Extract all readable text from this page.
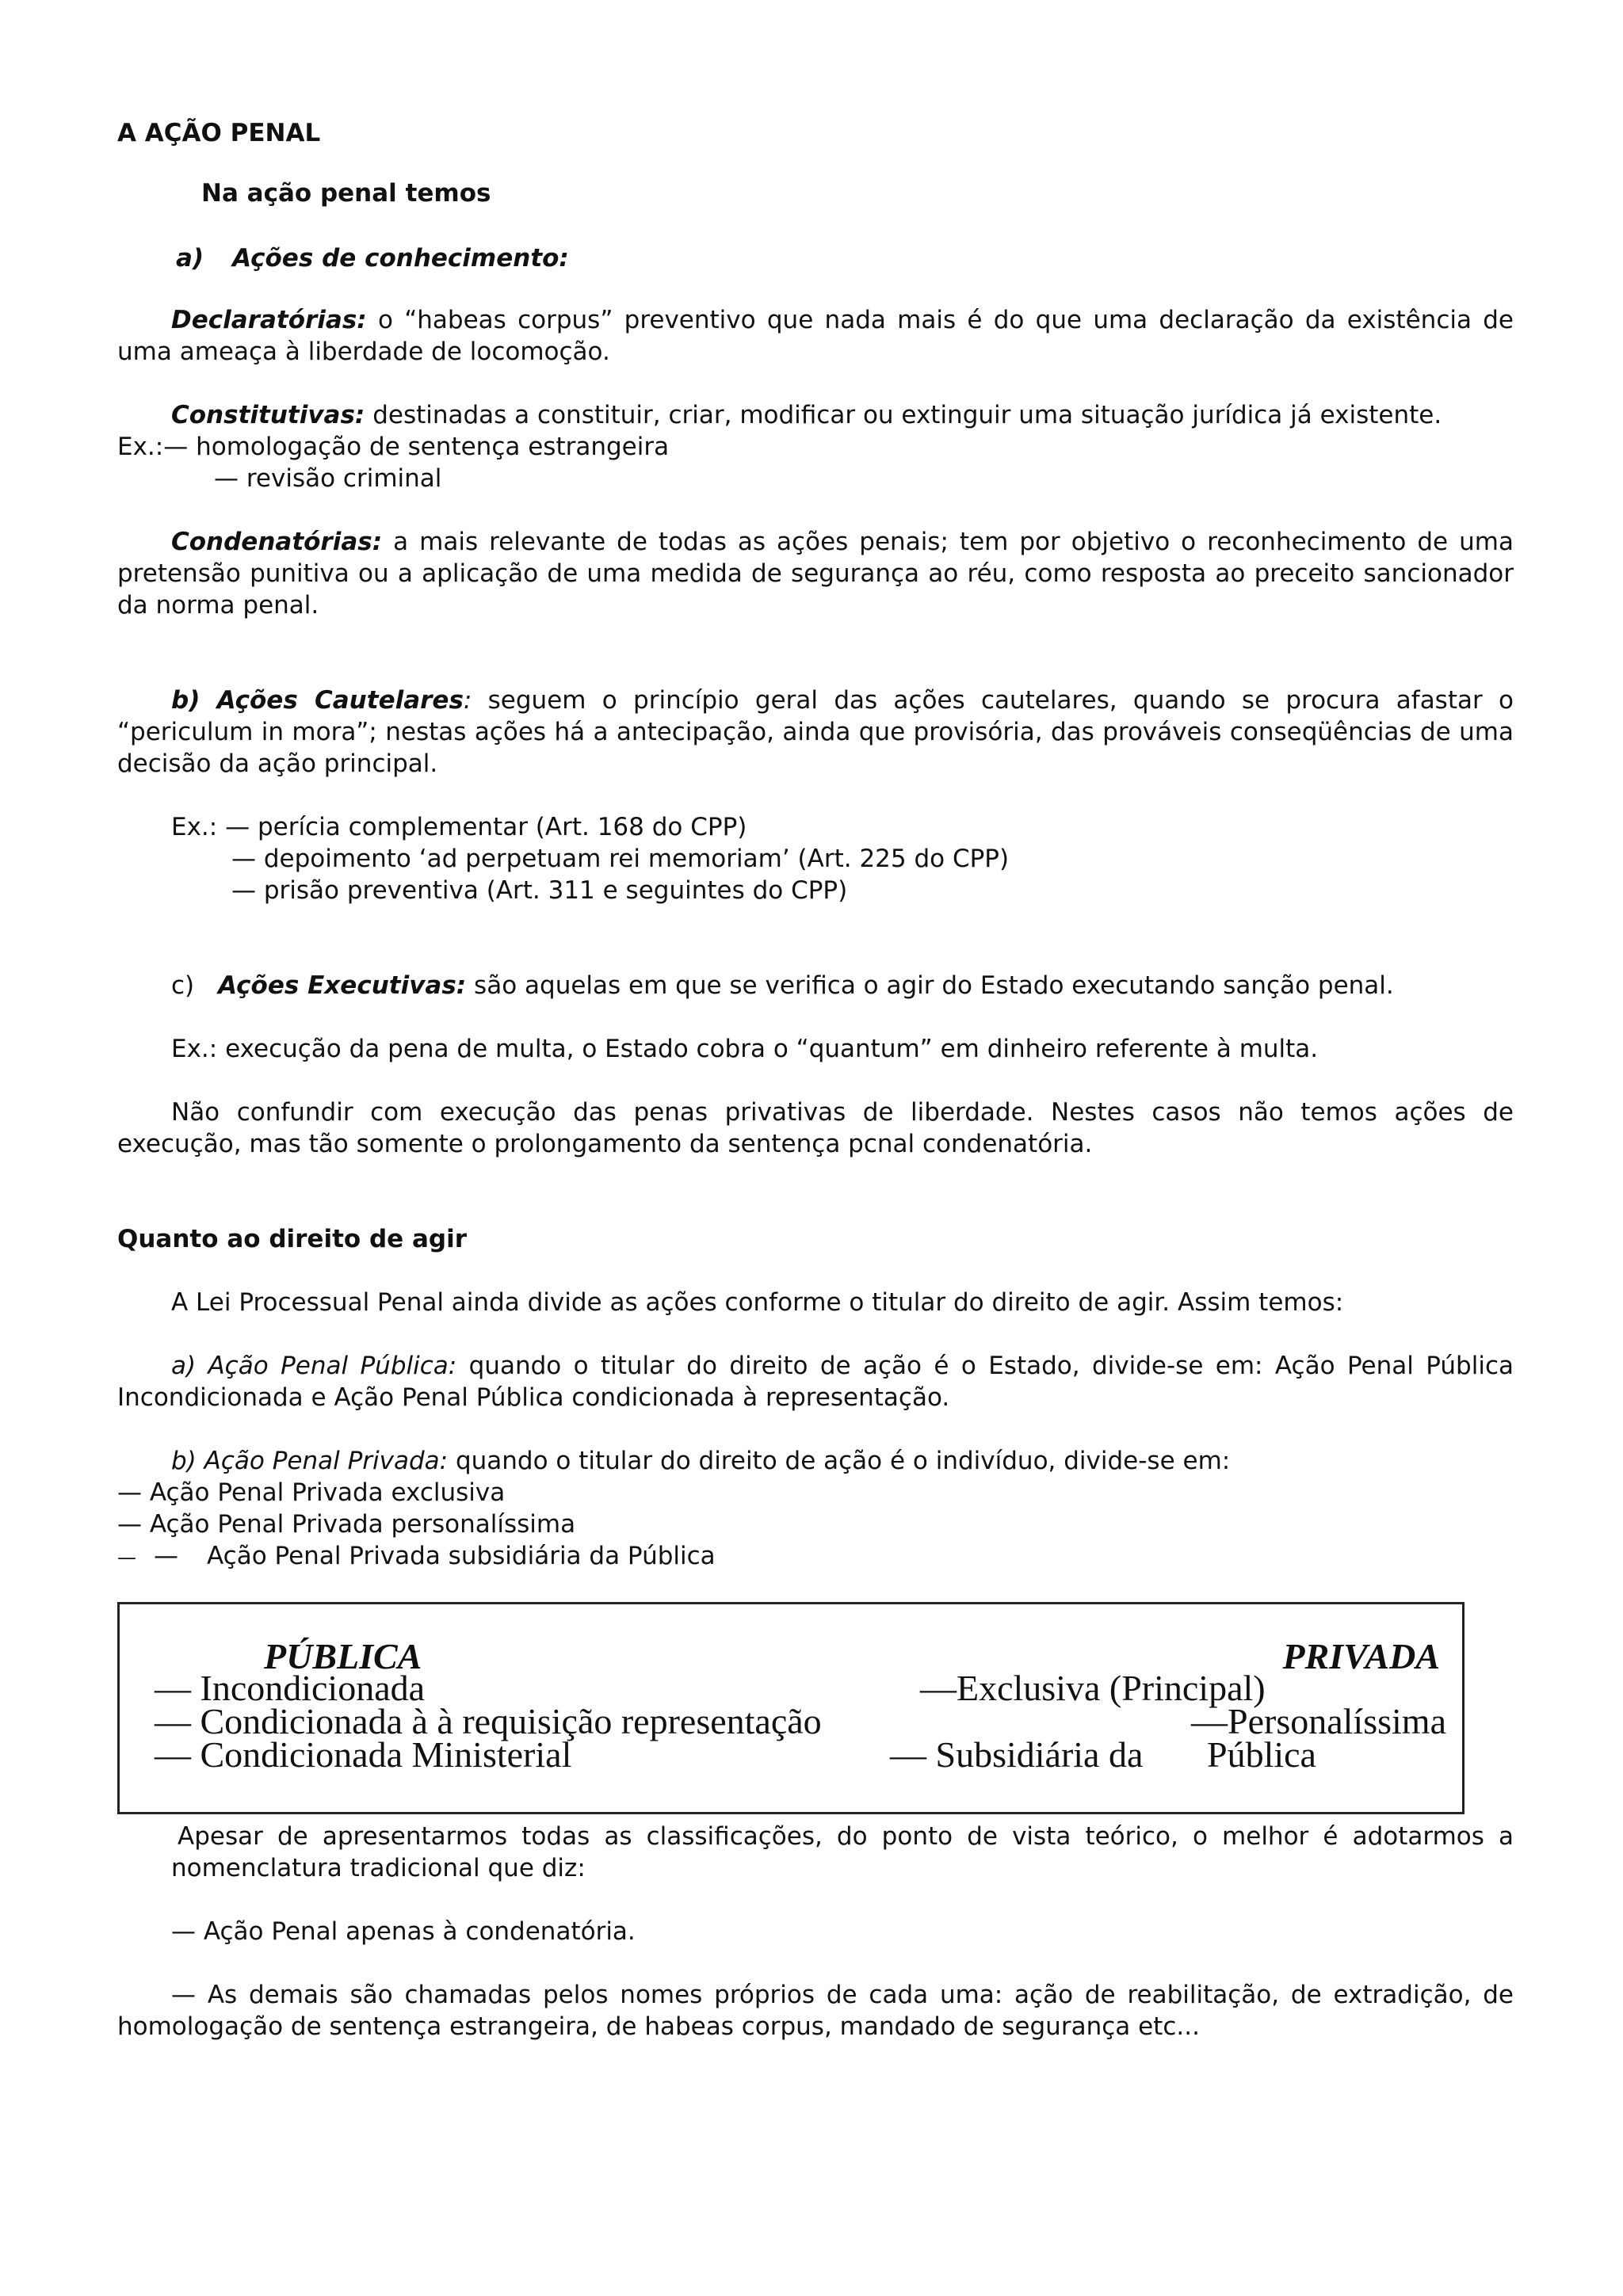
A AÇÃO PENAL

Na ação penal temos

a) Ações de conhecimento:

Declaratórias: o “habeas corpus” preventivo que nada mais é do que uma declaração da existência de uma ameaça à liberdade de locomoção.

Constitutivas: destinadas a constituir, criar, modificar ou extinguir uma situação jurídica já existente.

Ex.:— homologação de sentença estrangeira

— revisão criminal

Condenatórias: a mais relevante de todas as ações penais; tem por objetivo o reconhecimento de uma pretensão punitiva ou a aplicação de uma medida de segurança ao réu, como resposta ao preceito sancionador da norma penal.

b) Ações Cautelares: seguem o princípio geral das ações cautelares, quando se procura afastar o “periculum in mora”; nestas ações há a antecipação, ainda que provisória, das prováveis conseqüências de uma decisão da ação principal.

Ex.: — perícia complementar (Art. 168 do CPP)

— depoimento ‘ad perpetuam rei memoriam’ (Art. 225 do CPP)

— prisão preventiva (Art. 311 e seguintes do CPP)

c) Ações Executivas: são aquelas em que se verifica o agir do Estado executando sanção penal.

Ex.: execução da pena de multa, o Estado cobra o “quantum” em dinheiro referente à multa.

Não confundir com execução das penas privativas de liberdade. Nestes casos não temos ações de execução, mas tão somente o prolongamento da sentença pcnal condenatória.

Quanto ao direito de agir

A Lei Processual Penal ainda divide as ações conforme o titular do direito de agir. Assim temos:

a) Ação Penal Pública: quando o titular do direito de ação é o Estado, divide-se em: Ação Penal Pública Incondicionada e Ação Penal Pública condicionada à representação.

b) Ação Penal Privada: quando o titular do direito de ação é o indivíduo, divide-se em:

— Ação Penal Privada exclusiva

— Ação Penal Privada personalíssima

— — Ação Penal Privada subsidiária da Pública

PÚBLICA	PRIVADA

— Incondicionada

— Condicionada à à requisição representação

— Condicionada Ministerial

—Exclusiva (Principal)

—Personalíssima

— Subsidiária da Pública

Apesar de apresentarmos todas as classificações, do ponto de vista teórico, o melhor é adotarmos a nomenclatura tradicional que diz:

— Ação Penal apenas à condenatória.

— As demais são chamadas pelos nomes próprios de cada uma: ação de reabilitação, de extradição, de homologação de sentença estrangeira, de habeas corpus, mandado de segurança etc...
